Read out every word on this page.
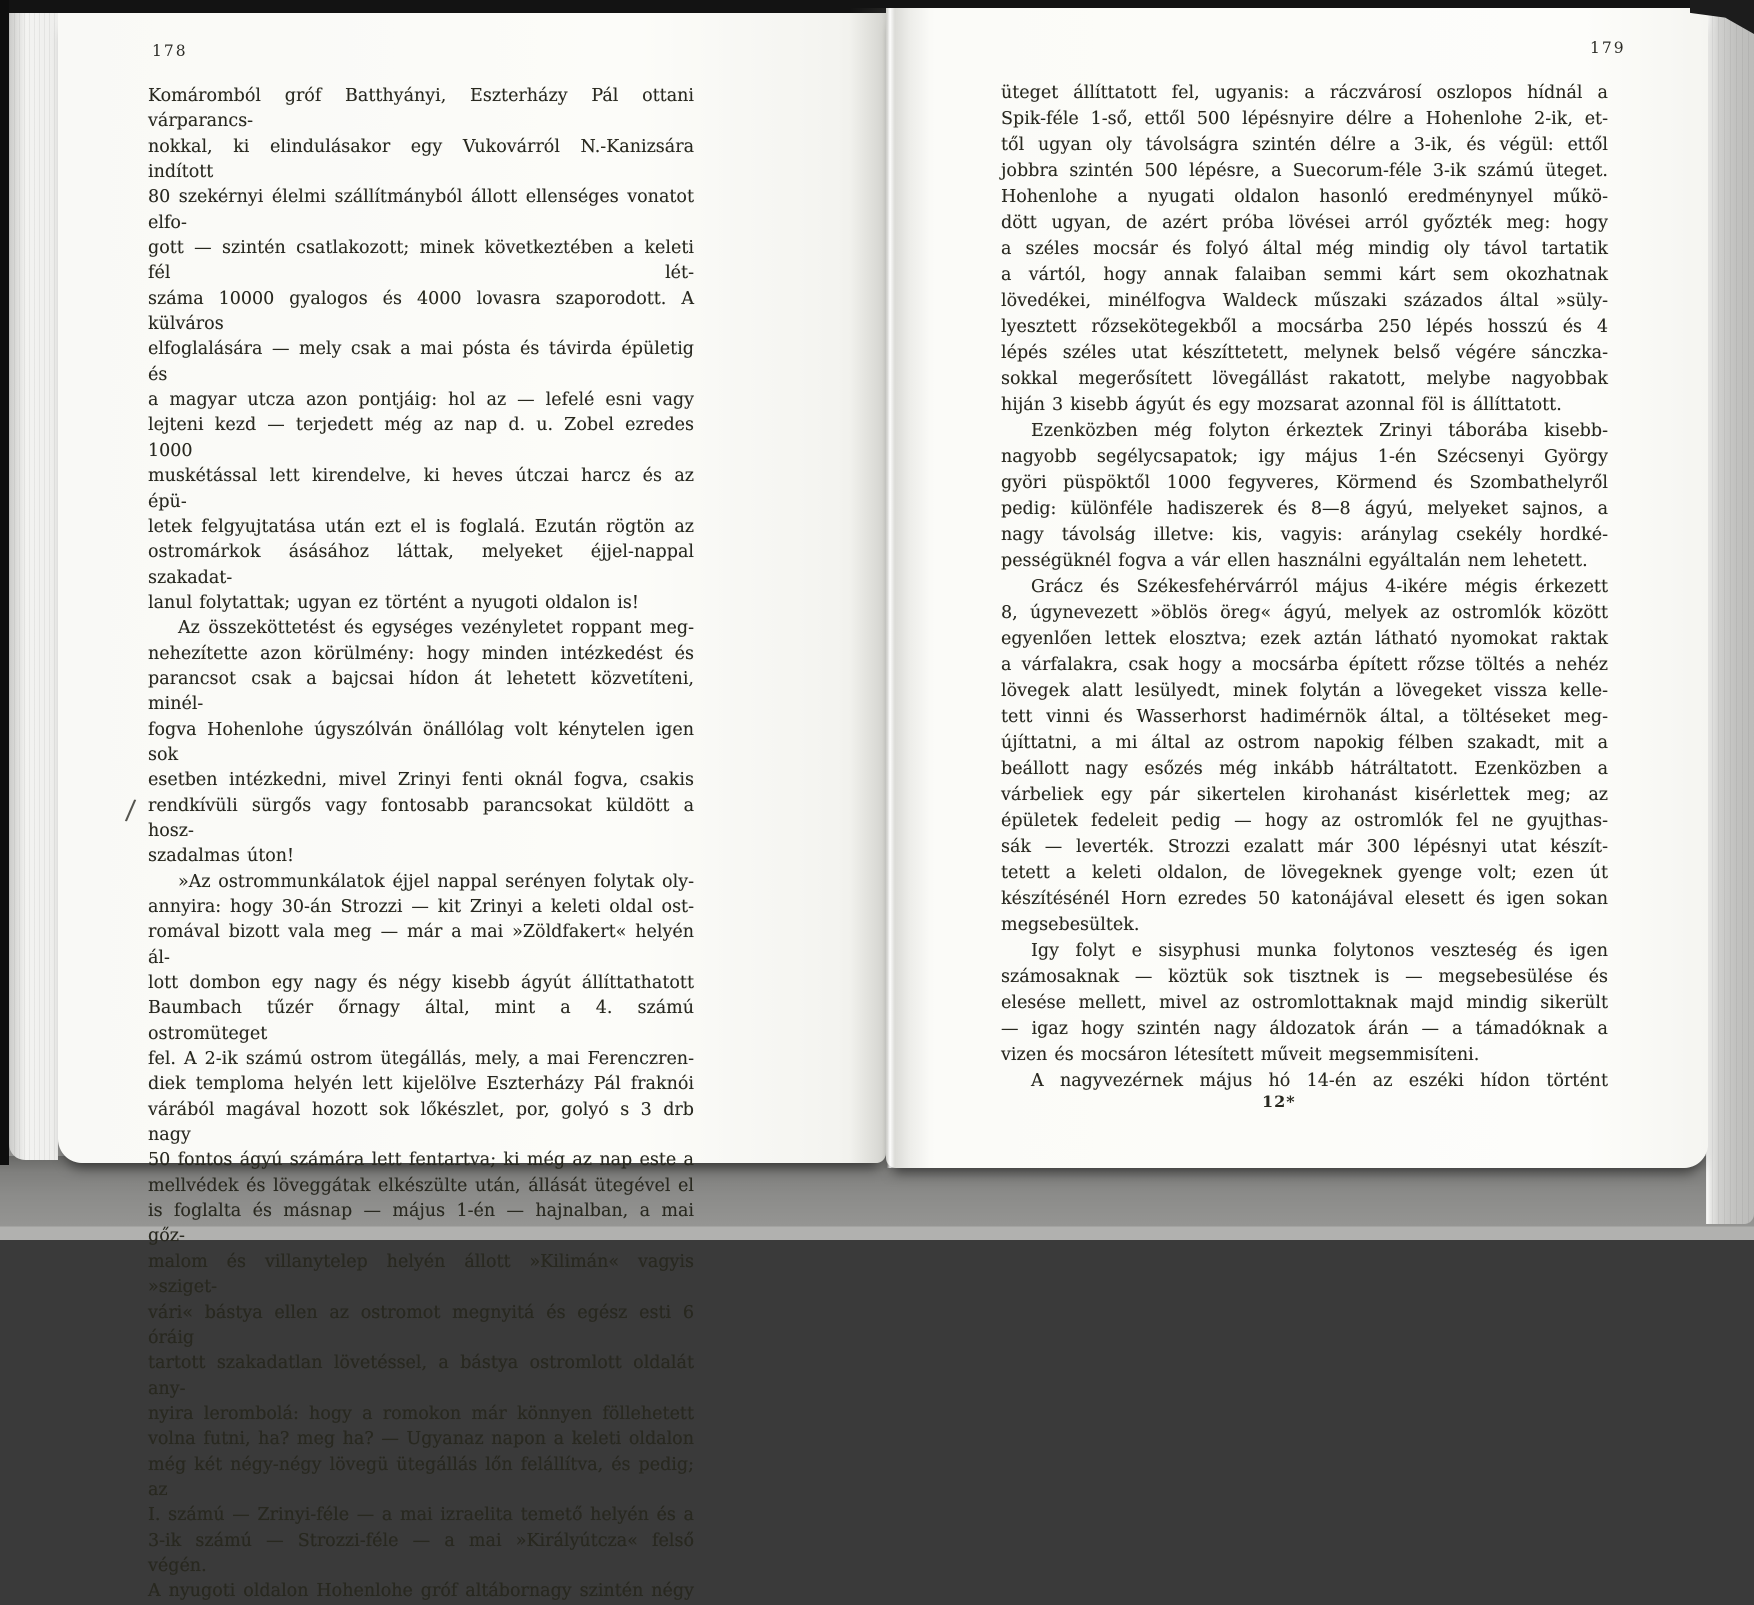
178	179
Komáromból gróf Batthyányi, Eszterházy Pál ottani várparancs-
nokkal, ki elindulásakor egy Vukovárról N.-Kanizsára indított
80 szekérnyi élelmi szállítmányból állott ellenséges vonatot elfo-
gott — szintén csatlakozott; minek következtében a keleti fél lét-
száma 10000 gyalogos és 4000 lovasra szaporodott. A külváros
elfoglalására — mely csak a mai pósta és távirda épületig és
a magyar utcza azon pontjáig: hol az — lefelé esni vagy
lejteni kezd — terjedett még az nap d. u. Zobel ezredes 1000
muskétással lett kirendelve, ki heves útczai harcz és az épü-
letek felgyujtatása után ezt el is foglalá. Ezután rögtön az
ostromárkok ásásához láttak, melyeket éjjel-nappal szakadat-
lanul folytattak; ugyan ez történt a nyugoti oldalon is!
Az összeköttetést és egységes vezényletet roppant meg-
nehezítette azon körülmény: hogy minden intézkedést és
parancsot csak a bajcsai hídon át lehetett közvetíteni, minél-
fogva Hohenlohe úgyszólván önállólag volt kénytelen igen sok
esetben intézkedni, mivel Zrinyi fenti oknál fogva, csakis
rendkívüli sürgős vagy fontosabb parancsokat küldött a hosz-
szadalmas úton!
»Az ostrommunkálatok éjjel nappal serényen folytak oly-
annyira: hogy 30-án Strozzi — kit Zrinyi a keleti oldal ost-
romával bizott vala meg — már a mai »Zöldfakert« helyén ál-
lott dombon egy nagy és négy kisebb ágyút állíttathatott
Baumbach tűzér őrnagy által, mint a 4. számú ostromüteget
fel. A 2-ik számú ostrom ütegállás, mely, a mai Ferenczren-
diek temploma helyén lett kijelölve Eszterházy Pál fraknói
várából magával hozott sok lőkészlet, por, golyó s 3 drb nagy
50 fontos ágyú számára lett fentartva; ki még az nap este a
mellvédek és löveggátak elkészülte után, állását ütegével el
is foglalta és másnap — május 1-én — hajnalban, a mai gőz-
malom és villanytelep helyén állott »Kilimán« vagyis »sziget-
vári« bástya ellen az ostromot megnyitá és egész esti 6 óráig
tartott szakadatlan lövetéssel, a bástya ostromlott oldalát any-
nyira lerombolá: hogy a romokon már könnyen föllehetett
volna futni, ha? meg ha? — Ugyanaz napon a keleti oldalon
még két négy-négy lövegü ütegállás lőn felállítva, és pedig; az
I. számú — Zrinyi-féle — a mai izraelita temető helyén és a
3-ik számú — Strozzi-féle — a mai »Királyútcza« felső végén.
A nyugoti oldalon Hohenlohe gróf altábornagy szintén négy
üteget állíttatott fel, ugyanis: a ráczvárosí oszlopos hídnál a
Spik-féle 1-ső, ettől 500 lépésnyire délre a Hohenlohe 2-ik, et-
től ugyan oly távolságra szintén délre a 3-ik, és végül: ettől
jobbra szintén 500 lépésre, a Suecorum-féle 3-ik számú üteget.
Hohenlohe a nyugati oldalon hasonló eredménynyel műkö-
dött ugyan, de azért próba lövései arról győzték meg: hogy
a széles mocsár és folyó által még mindig oly távol tartatik
a vártól, hogy annak falaiban semmi kárt sem okozhatnak
lövedékei, minélfogva Waldeck műszaki százados által »süly-
lyesztett rőzsekötegekből a mocsárba 250 lépés hosszú és 4
lépés széles utat készíttetett, melynek belső végére sánczka-
sokkal megerősített lövegállást rakatott, melybe nagyobbak
hiján 3 kisebb ágyút és egy mozsarat azonnal föl is állíttatott.
Ezenközben még folyton érkeztek Zrinyi táborába kisebb-
nagyobb segélycsapatok; igy május 1-én Szécsenyi György
györi püspöktől 1000 fegyveres, Körmend és Szombathelyről
pedig: különféle hadiszerek és 8—8 ágyú, melyeket sajnos, a
nagy távolság illetve: kis, vagyis: aránylag csekély hordké-
pességüknél fogva a vár ellen használni egyáltalán nem lehetett.
Grácz és Székesfehérvárról május 4-ikére mégis érkezett
8, úgynevezett »öblös öreg« ágyú, melyek az ostromlók között
egyenlően lettek elosztva; ezek aztán látható nyomokat raktak
a várfalakra, csak hogy a mocsárba épített rőzse töltés a nehéz
lövegek alatt lesülyedt, minek folytán a lövegeket vissza kelle-
tett vinni és Wasserhorst hadimérnök által, a töltéseket meg-
újíttatni, a mi által az ostrom napokig félben szakadt, mit a
beállott nagy esőzés még inkább hátráltatott. Ezenközben a
várbeliek egy pár sikertelen kirohanást kisérlettek meg; az
épületek fedeleit pedig — hogy az ostromlók fel ne gyujthas-
sák — leverték. Strozzi ezalatt már 300 lépésnyi utat készít-
tetett a keleti oldalon, de lövegeknek gyenge volt; ezen út
készítésénél Horn ezredes 50 katonájával elesett és igen sokan
megsebesültek.
Igy folyt e sisyphusi munka folytonos veszteség és igen
számosaknak — köztük sok tisztnek is — megsebesülése és
elesése mellett, mivel az ostromlottaknak majd mindig sikerült
— igaz hogy szintén nagy áldozatok árán — a támadóknak a
vizen és mocsáron létesített műveit megsemmisíteni.
A nagyvezérnek május hó 14-én az eszéki hídon történt
12*
∕
